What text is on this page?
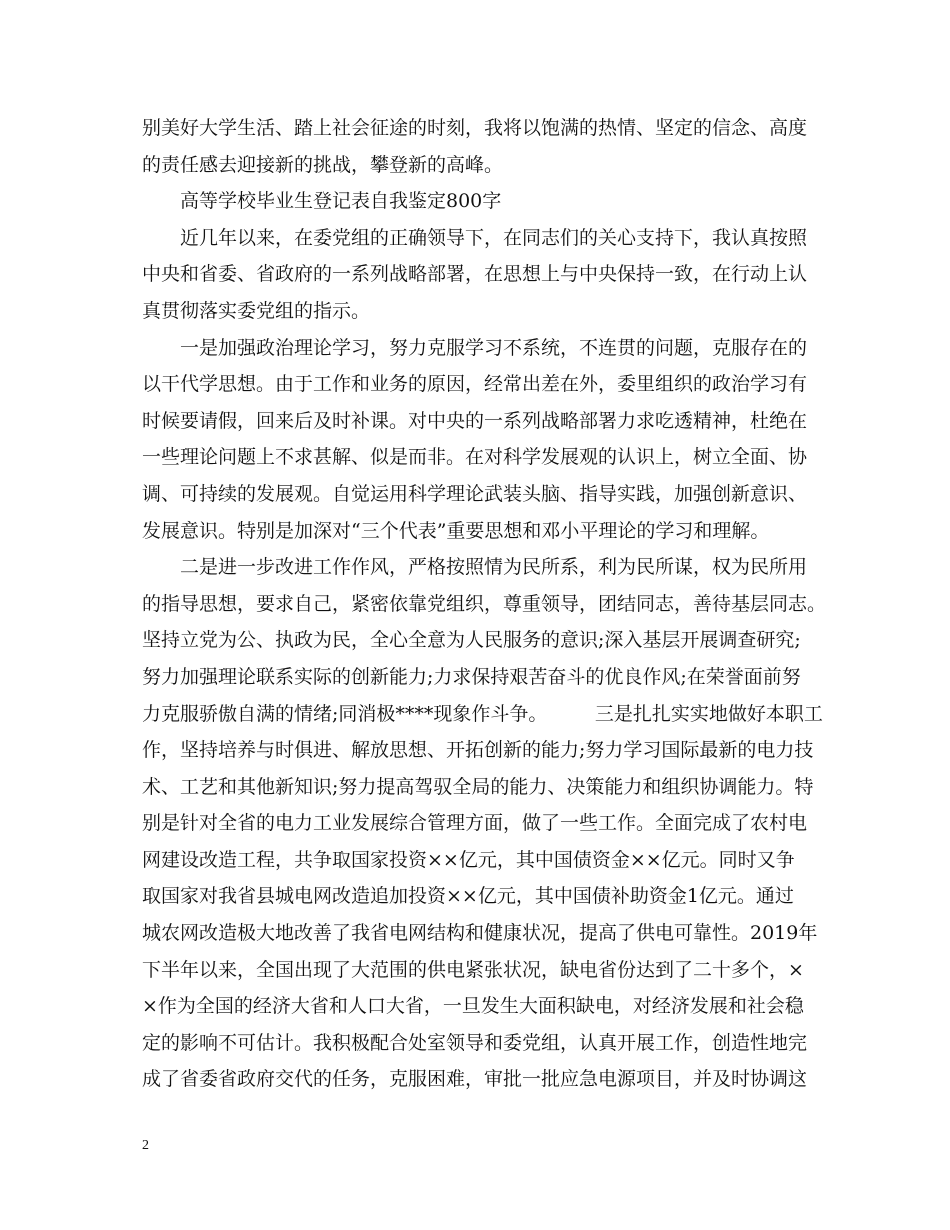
别美好大学生活、踏上社会征途的时刻，我将以饱满的热情、坚定的信念、高度
的责任感去迎接新的挑战，攀登新的高峰。
高等学校毕业生登记表自我鉴定800字
近几年以来，在委党组的正确领导下，在同志们的关心支持下，我认真按照
中央和省委、省政府的一系列战略部署，在思想上与中央保持一致，在行动上认
真贯彻落实委党组的指示。
一是加强政治理论学习，努力克服学习不系统，不连贯的问题，克服存在的
以干代学思想。由于工作和业务的原因，经常出差在外，委里组织的政治学习有
时候要请假，回来后及时补课。对中央的一系列战略部署力求吃透精神，杜绝在
一些理论问题上不求甚解、似是而非。在对科学发展观的认识上，树立全面、协
调、可持续的发展观。自觉运用科学理论武装头脑、指导实践，加强创新意识、
发展意识。特别是加深对“三个代表”重要思想和邓小平理论的学习和理解。
二是进一步改进工作作风，严格按照情为民所系，利为民所谋，权为民所用
的指导思想，要求自己，紧密依靠党组织，尊重领导，团结同志，善待基层同志。
坚持立党为公、执政为民，全心全意为人民服务的意识;深入基层开展调查研究;
努力加强理论联系实际的创新能力;力求保持艰苦奋斗的优良作风;在荣誉面前努
力克服骄傲自满的情绪;同消极****现象作斗争。　　　三是扎扎实实地做好本职工
作，坚持培养与时俱进、解放思想、开拓创新的能力;努力学习国际最新的电力技
术、工艺和其他新知识;努力提高驾驭全局的能力、决策能力和组织协调能力。特
别是针对全省的电力工业发展综合管理方面，做了一些工作。全面完成了农村电
网建设改造工程，共争取国家投资××亿元，其中国债资金××亿元。同时又争
取国家对我省县城电网改造追加投资××亿元，其中国债补助资金1亿元。通过
城农网改造极大地改善了我省电网结构和健康状况，提高了供电可靠性。2019年
下半年以来，全国出现了大范围的供电紧张状况，缺电省份达到了二十多个，×
×作为全国的经济大省和人口大省，一旦发生大面积缺电，对经济发展和社会稳
定的影响不可估计。我积极配合处室领导和委党组，认真开展工作，创造性地完
成了省委省政府交代的任务，克服困难，审批一批应急电源项目，并及时协调这
2
